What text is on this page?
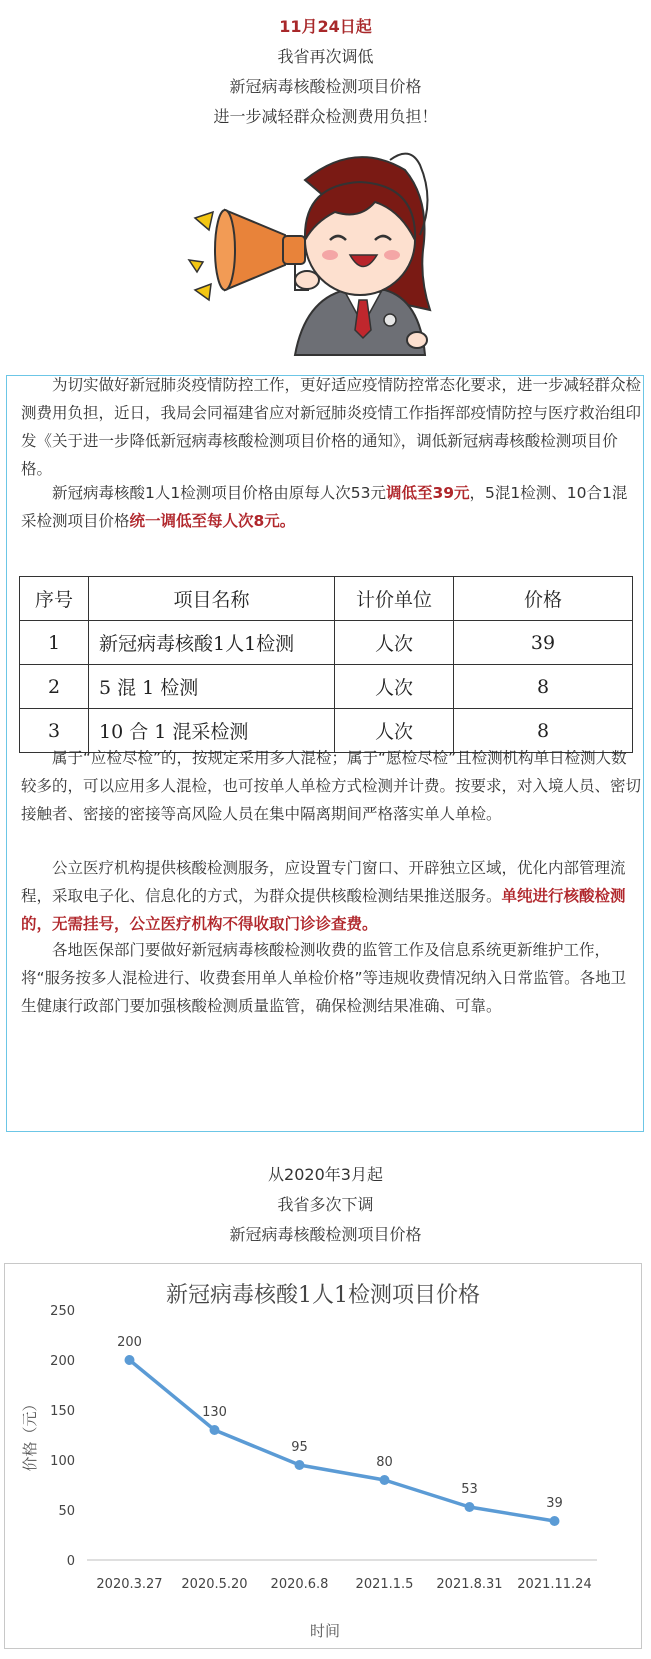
11月24日起
我省再次调低
新冠病毒核酸检测项目价格
进一步减轻群众检测费用负担！

为切实做好新冠肺炎疫情防控工作，更好适应疫情防控常态化要求，进一步减轻群众检测费用负担，近日，我局会同福建省应对新冠肺炎疫情工作指挥部疫情防控与医疗救治组印发《关于进一步降低新冠病毒核酸检测项目价格的通知》，调低新冠病毒核酸检测项目价格。

新冠病毒核酸1人1检测项目价格由原每人次53元调低至39元，5混1检测、10合1混采检测项目价格统一调低至每人次8元。

序号	项目名称	计价单位	价格
1	新冠病毒核酸1人1检测	人次	39
2	5 混 1 检测	人次	8
3	10 合 1 混采检测	人次	8

属于“应检尽检”的，按规定采用多人混检；属于“愿检尽检”且检测机构单日检测人数较多的，可以应用多人混检，也可按单人单检方式检测并计费。按要求，对入境人员、密切接触者、密接的密接等高风险人员在集中隔离期间严格落实单人单检。

公立医疗机构提供核酸检测服务，应设置专门窗口、开辟独立区域，优化内部管理流程，采取电子化、信息化的方式，为群众提供核酸检测结果推送服务。单纯进行核酸检测的，无需挂号，公立医疗机构不得收取门诊诊查费。

各地医保部门要做好新冠病毒核酸检测收费的监管工作及信息系统更新维护工作，将“服务按多人混检进行、收费套用单人单检价格”等违规收费情况纳入日常监管。各地卫生健康行政部门要加强核酸检测质量监管，确保检测结果准确、可靠。

从2020年3月起
我省多次下调
新冠病毒核酸检测项目价格
新冠病毒核酸1人1检测项目价格
时间
价格（元）
0
50
100
150
200
250
2020.3.27 2020.5.20 2020.6.8 2021.1.5 2021.8.31 2021.11.24
200
130
95
80
53
39
